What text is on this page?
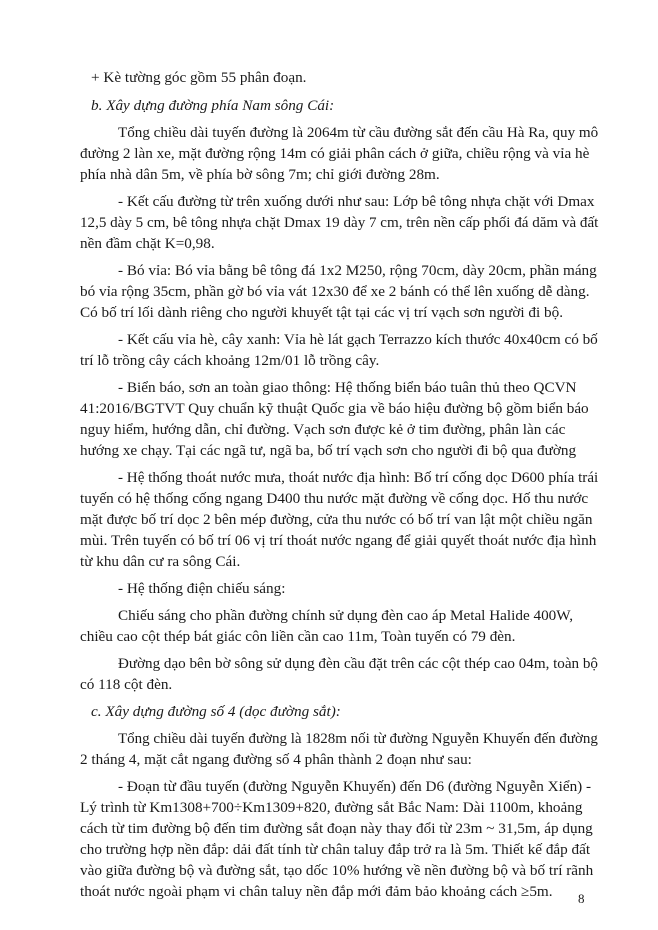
+ Kè tường góc gồm 55 phân đoạn.

b. Xây dựng đường phía Nam sông Cái:

Tổng chiều dài tuyến đường là 2064m từ cầu đường sắt đến cầu Hà Ra, quy mô

đường 2 làn xe, mặt đường rộng 14m có giải phân cách ở giữa, chiều rộng và vỉa hè

phía nhà dân 5m, về phía bờ sông 7m; chỉ giới đường 28m.

- Kết cấu đường từ trên xuống dưới như sau: Lớp bê tông nhựa chặt với Dmax

12,5 dày 5 cm, bê tông nhựa chặt Dmax 19 dày 7 cm, trên nền cấp phối đá dăm và đất

nền đầm chặt K=0,98.

- Bó vỉa: Bó vỉa bằng bê tông đá 1x2 M250, rộng 70cm, dày 20cm, phần máng

bó vỉa rộng 35cm, phần gờ bó vỉa vát 12x30 để xe 2 bánh có thể lên xuống dễ dàng.

Có bố trí lối dành riêng cho người khuyết tật tại các vị trí vạch sơn người đi bộ.

- Kết cấu vỉa hè, cây xanh: Vỉa hè lát gạch Terrazzo kích thước 40x40cm có bố

trí lỗ trồng cây cách khoảng 12m/01 lỗ trồng cây.

- Biển báo, sơn an toàn giao thông: Hệ thống biển báo tuân thủ theo QCVN

41:2016/BGTVT Quy chuẩn kỹ thuật Quốc gia về báo hiệu đường bộ gồm biển báo

nguy hiểm, hướng dẫn, chỉ đường. Vạch sơn được kẻ ở tim đường, phân làn các

hướng xe chạy. Tại các ngã tư, ngã ba, bố trí vạch sơn cho người đi bộ qua đường

- Hệ thống thoát nước mưa, thoát nước địa hình: Bố trí cống dọc D600 phía trái

tuyến có hệ thống cống ngang D400 thu nước mặt đường về cống dọc. Hố thu nước

mặt được bố trí dọc 2 bên mép đường, cửa thu nước có bố trí van lật một chiều ngăn

mùi. Trên tuyến có bố trí 06 vị trí thoát nước ngang để giải quyết thoát nước địa hình

từ khu dân cư ra sông Cái.

- Hệ thống điện chiếu sáng:

Chiếu sáng cho phần đường chính sử dụng đèn cao áp Metal Halide 400W,

chiều cao cột thép bát giác côn liền cần cao 11m, Toàn tuyến có 79 đèn.

Đường dạo bên bờ sông sử dụng đèn cầu đặt trên các cột thép cao 04m, toàn bộ

có 118 cột đèn.

c. Xây dựng đường số 4 (dọc đường sắt):

Tổng chiều dài tuyến đường là 1828m nối từ đường Nguyễn Khuyến đến đường

2 tháng 4, mặt cắt ngang đường số 4 phân thành 2 đoạn như sau:

- Đoạn từ đầu tuyến (đường Nguyễn Khuyến) đến D6 (đường Nguyễn Xiển) -

Lý trình từ Km1308+700÷Km1309+820, đường sắt Bắc Nam: Dài 1100m, khoảng

cách từ tim đường bộ đến tim đường sắt đoạn này thay đổi từ 23m ~ 31,5m, áp dụng

cho trường hợp nền đắp: dải đất tính từ chân taluy đắp trở ra là 5m. Thiết kế đắp đất

vào giữa đường bộ và đường sắt, tạo dốc 10% hướng về nền đường bộ và bố trí rãnh

thoát nước ngoài phạm vi chân taluy nền đắp mới đảm bảo khoảng cách ≥5m. 8
